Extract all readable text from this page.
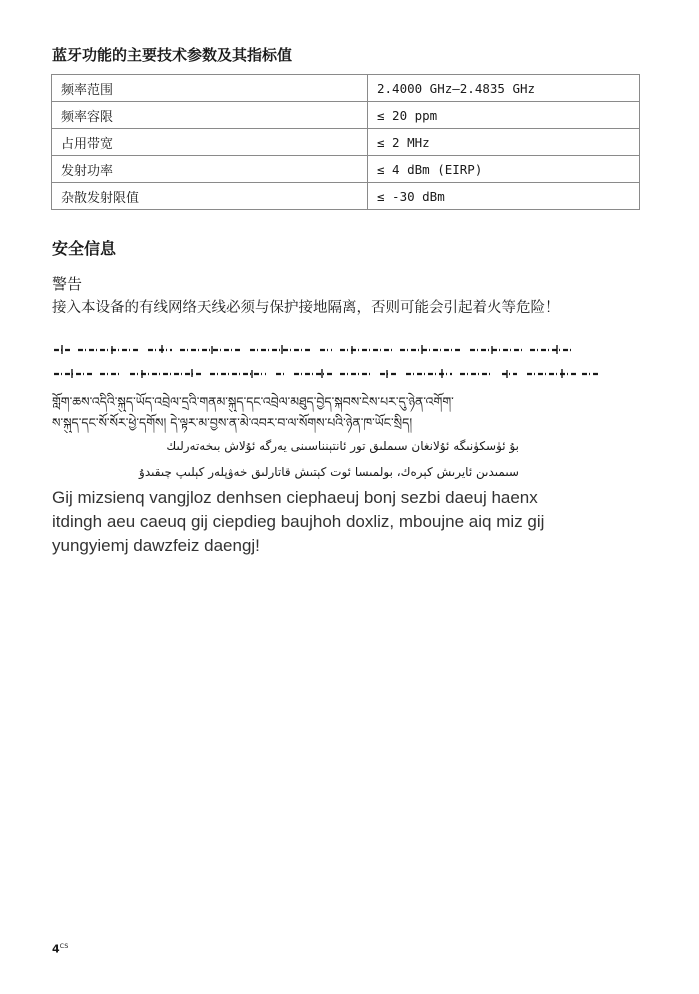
蓝牙功能的主要技术参数及其指标值
频率范围	2.4000 GHz–2.4835 GHz
频率容限	≤ 20 ppm
占用带宽	≤ 2 MHz
发射功率	≤ 4 dBm (EIRP)
杂散发射限值	≤ -30 dBm
安全信息
警告
接入本设备的有线网络天线必须与保护接地隔离，否则可能会引起着火等危险！
གློག་ཆས་འདིའི་སྐུད་ཡོད་འབྲེལ་དྲའི་གནམ་སྐུད་དང་འབྲེལ་མཐུད་བྱེད་སྐབས་ངེས་པར་དུ་ཉེན་འགོག་
ས་སྐུད་དང་སོ་སོར་ཕྱེ་དགོས། དེ་ལྟར་མ་བྱས་ན་མེ་འབར་བ་ལ་སོགས་པའི་ཉེན་ཁ་ཡོང་སྲིད།
بۇ ئۈسكۈنىگە ئۇلانغان سىملىق تور ئانتېنناسىنى يەرگە ئۇلاش بىخەتەرلىك
سىمىدىن ئايرىش كېرەك، بولمىسا ئوت كېتىش قاتارلىق خەۋپلەر كېلىپ چىقىدۇ
Gij mizsienq vangjloz denhsen ciephaeuj bonj sezbi daeuj haenx itdingh aeu caeuq gij ciepdieg baujhoh doxliz, mboujne aiq miz gij yungyiemj dawzfeiz daengj!
$4^{CS}$
